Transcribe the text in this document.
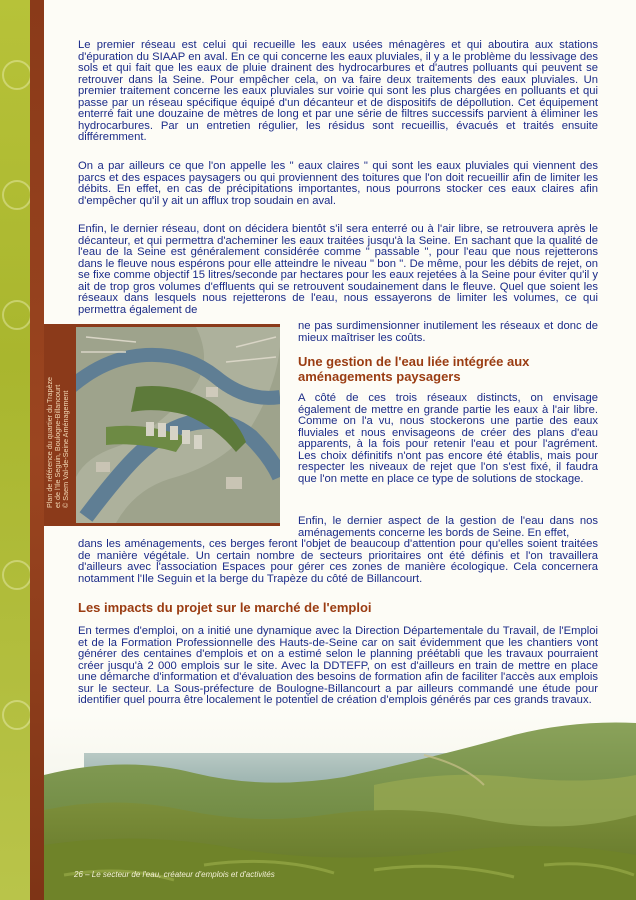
Le premier réseau est celui qui recueille les eaux usées ménagères et qui aboutira aux stations d'épuration du SIAAP en aval. En ce qui concerne les eaux pluviales, il y a le problème du lessivage des sols et qui fait que les eaux de pluie drainent des hydrocarbures et d'autres polluants qui peuvent se retrouver dans la Seine. Pour empêcher cela, on va faire deux traitements des eaux pluviales. Un premier traitement concerne les eaux pluviales sur voirie qui sont les plus chargées en polluants et qui passe par un réseau spécifique équipé d'un décanteur et de dispositifs de dépollution. Cet équipement enterré fait une douzaine de mètres de long et par une série de filtres successifs parvient à éliminer les hydrocarbures. Par un entretien régulier, les résidus sont recueillis, évacués et traités ensuite différemment.

On a par ailleurs ce que l'on appelle les " eaux claires " qui sont les eaux pluviales qui viennent des parcs et des espaces paysagers ou qui proviennent des toitures que l'on doit recueillir afin de limiter les débits. En effet, en cas de précipitations importantes, nous pourrons stocker ces eaux claires afin d'empêcher qu'il y ait un afflux trop soudain en aval.

Enfin, le dernier réseau, dont on décidera bientôt s'il sera enterré ou à l'air libre, se retrouvera après le décanteur, et qui permettra d'acheminer les eaux traitées jusqu'à la Seine. En sachant que la qualité de l'eau de la Seine est généralement considérée comme " passable ", pour l'eau que nous rejetterons dans le fleuve nous espérons pour elle atteindre le niveau " bon ". De même, pour les débits de rejet, on se fixe comme objectif 15 litres/seconde par hectares pour les eaux rejetées à la Seine pour éviter qu'il y ait de trop gros volumes d'effluents qui se retrouvent soudainement dans le fleuve. Quel que soient les réseaux dans lesquels nous rejetterons de l'eau, nous essayerons de limiter les volumes, ce qui permettra également de

ne pas surdimensionner inutilement les réseaux et donc de mieux maîtriser les coûts.

Une gestion de l'eau liée intégrée aux aménagements paysagers

A côté de ces trois réseaux distincts, on envisage également de mettre en grande partie les eaux à l'air libre. Comme on l'a vu, nous stockerons une partie des eaux fluviales et nous envisageons de créer des plans d'eau apparents, à la fois pour retenir l'eau et pour l'agrément. Les choix définitifs n'ont pas encore été établis, mais pour respecter les niveaux de rejet que l'on s'est fixé, il faudra que l'on mette en place ce type de solutions de stockage.

Enfin, le dernier aspect de la gestion de l'eau dans nos aménagements concerne les bords de Seine. En effet,

dans les aménagements, ces berges feront l'objet de beaucoup d'attention pour qu'elles soient traitées de manière végétale. Un certain nombre de secteurs prioritaires ont été définis et l'on travaillera d'ailleurs avec l'association Espaces pour gérer ces zones de manière écologique. Cela concernera notamment l'Ile Seguin et la berge du Trapèze du côté de Billancourt.

Les impacts du projet sur le marché de l'emploi

En termes d'emploi, on a initié une dynamique avec la Direction Départementale du Travail, de l'Emploi et de la Formation Professionnelle des Hauts-de-Seine car on sait évidemment que les chantiers vont générer des centaines d'emplois et on a estimé selon le planning préétabli que les travaux pourraient créer jusqu'à 2 000 emplois sur le site. Avec la DDTEFP, on est d'ailleurs en train de mettre en place une démarche d'information et d'évaluation des besoins de formation afin de faciliter l'accès aux emplois sur le secteur. La Sous-préfecture de Boulogne-Billancourt a par ailleurs commandé une étude pour identifier quel pourra être localement le potentiel de création d'emplois générés par ces grands travaux.

Plan de référence du quartier du Trapèze et de l'Ile Seguin, Boulogne-Billancourt © Saem Val-de-Seine Aménagement
26 – Le secteur de l'eau, créateur d'emplois et d'activités
